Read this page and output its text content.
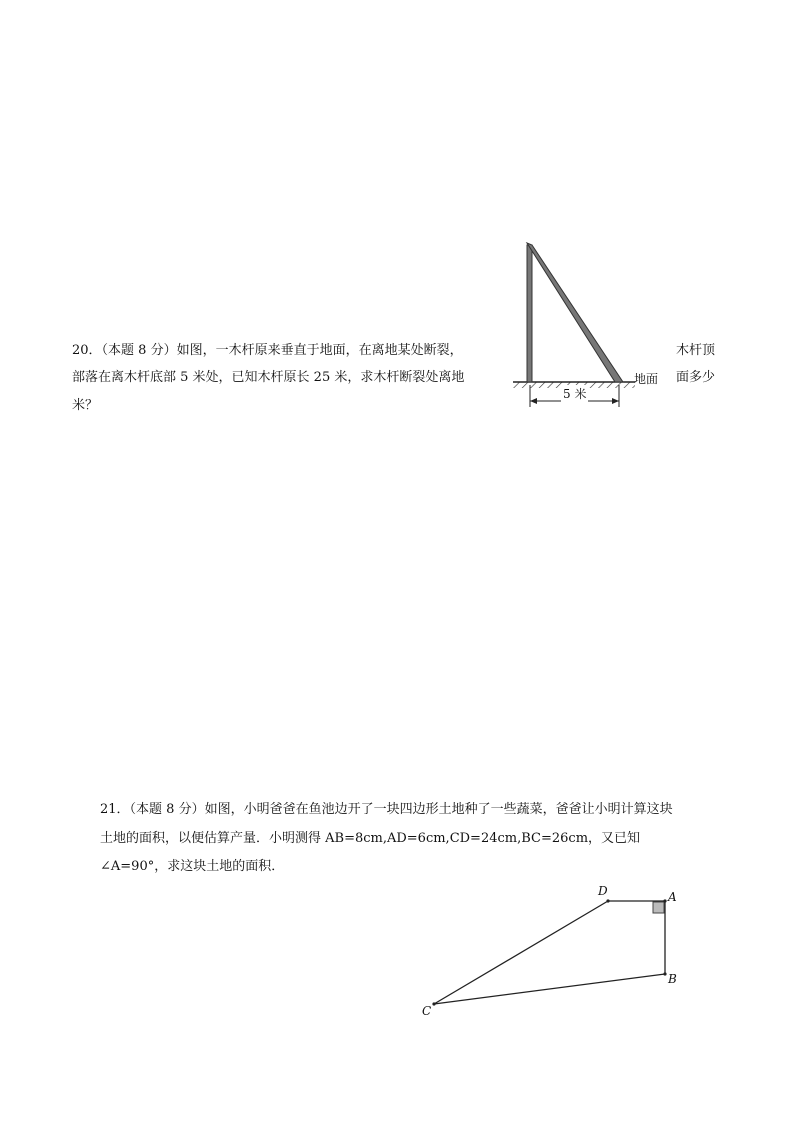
20．（本题 8 分）如图，一木杆原来垂直于地面，在离地某处断裂，	木杆顶
部落在离木杆底部 5 米处，已知木杆原长 25 米，求木杆断裂处离地	面多少
米？
5 米
地面
21．（本题 8 分）如图，小明爸爸在鱼池边开了一块四边形土地种了一些蔬菜，爸爸让小明计算这块
土地的面积，以便估算产量．小明测得 AB=8cm,AD=6cm,CD=24cm,BC=26cm，又已知
∠A=90°，求这块土地的面积．
D	A
B
C
